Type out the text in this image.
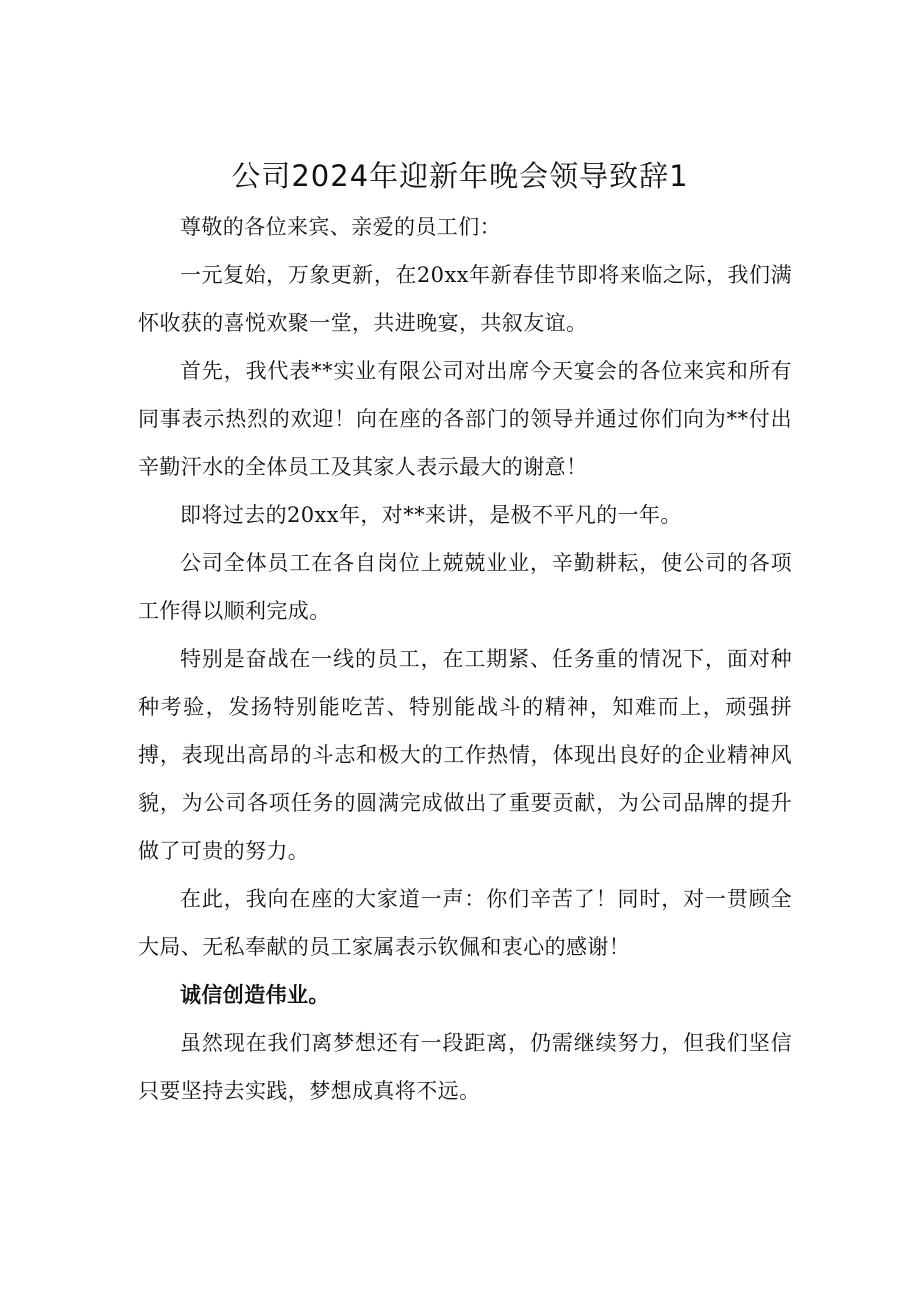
公司2024年迎新年晚会领导致辞1

尊敬的各位来宾、亲爱的员工们：

一元复始，万象更新，在20xx年新春佳节即将来临之际，我们满怀收获的喜悦欢聚一堂，共进晚宴，共叙友谊。

首先，我代表**实业有限公司对出席今天宴会的各位来宾和所有同事表示热烈的欢迎！向在座的各部门的领导并通过你们向为**付出辛勤汗水的全体员工及其家人表示最大的谢意！

即将过去的20xx年，对**来讲，是极不平凡的一年。

公司全体员工在各自岗位上兢兢业业，辛勤耕耘，使公司的各项工作得以顺利完成。

特别是奋战在一线的员工，在工期紧、任务重的情况下，面对种种考验，发扬特别能吃苦、特别能战斗的精神，知难而上，顽强拼搏，表现出高昂的斗志和极大的工作热情，体现出良好的企业精神风貌，为公司各项任务的圆满完成做出了重要贡献，为公司品牌的提升做了可贵的努力。

在此，我向在座的大家道一声：你们辛苦了！同时，对一贯顾全大局、无私奉献的员工家属表示钦佩和衷心的感谢！

诚信创造伟业。

虽然现在我们离梦想还有一段距离，仍需继续努力，但我们坚信只要坚持去实践，梦想成真将不远。
